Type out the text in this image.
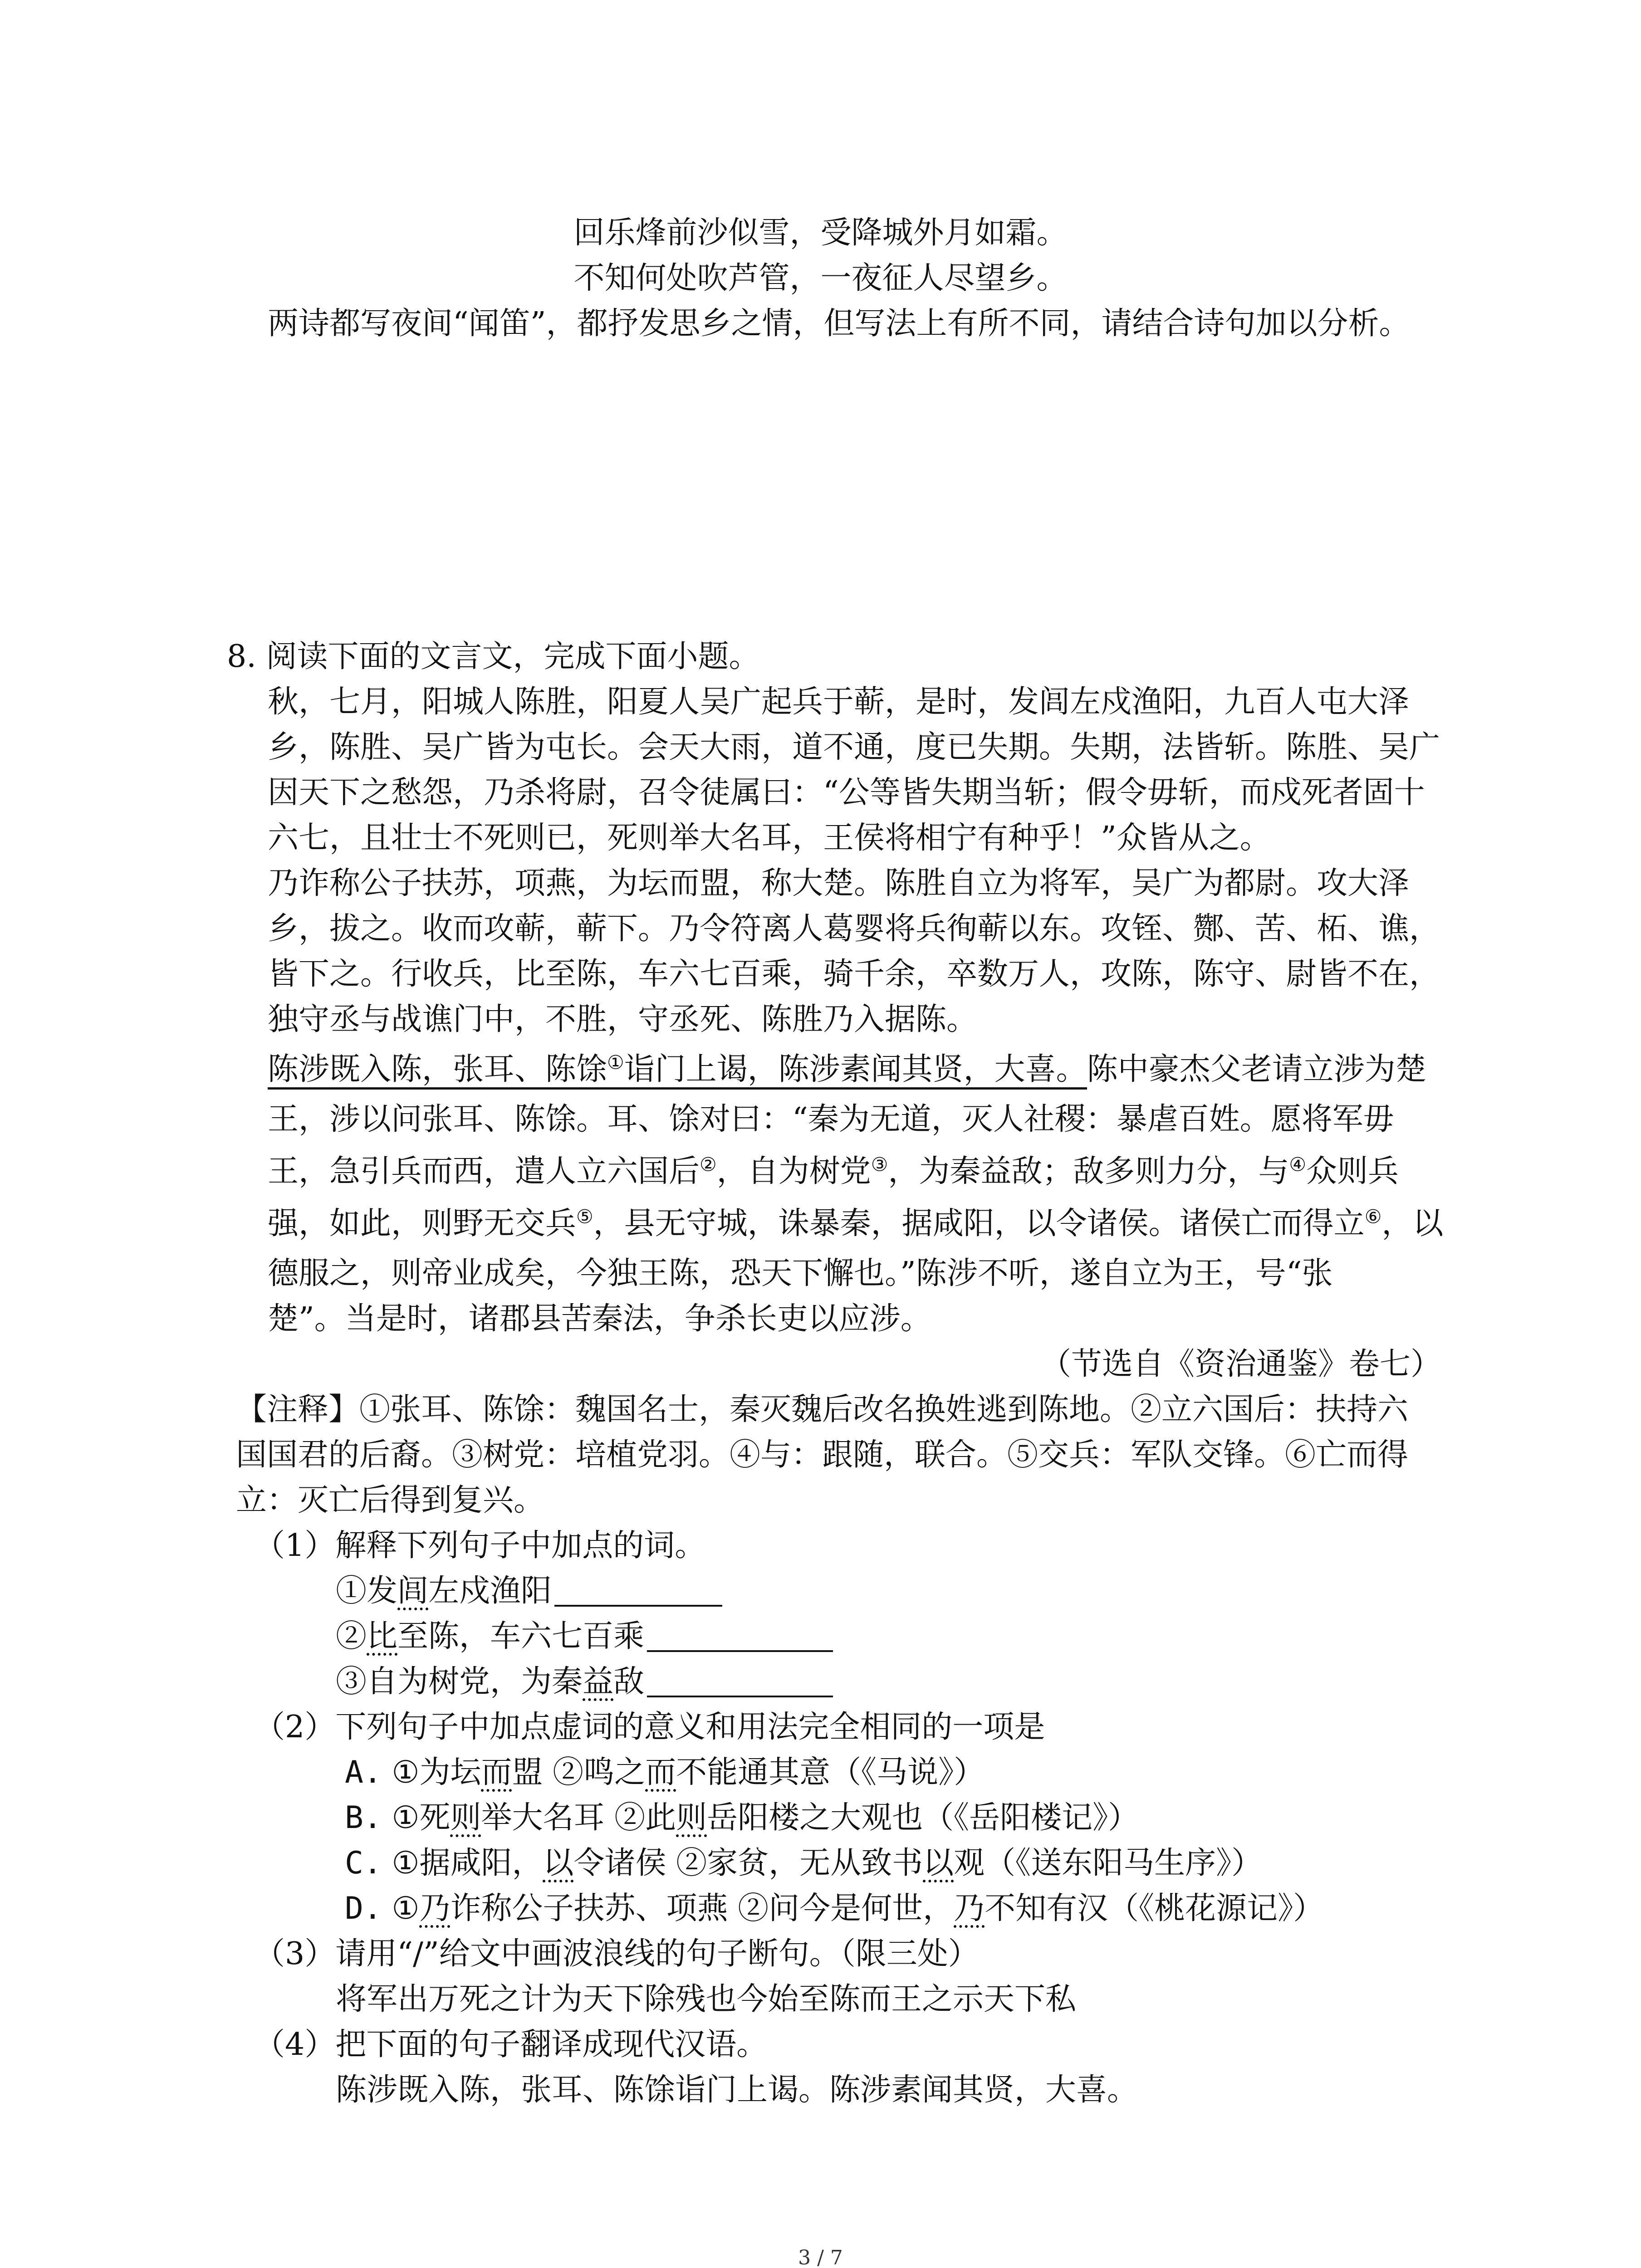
回乐烽前沙似雪，受降城外月如霜。

不知何处吹芦管，一夜征人尽望乡。

两诗都写夜间“闻笛”，都抒发思乡之情，但写法上有所不同，请结合诗句加以分析。

8. 阅读下面的文言文，完成下面小题。

秋，七月，阳城人陈胜，阳夏人吴广起兵于蕲，是时，发闾左戍渔阳，九百人屯大泽

乡，陈胜、吴广皆为屯长。会天大雨，道不通，度已失期。失期，法皆斩。陈胜、吴广

因天下之愁怨，乃杀将尉，召令徒属曰：“公等皆失期当斩；假令毋斩，而戍死者固十

六七，且壮士不死则已，死则举大名耳，王侯将相宁有种乎！”众皆从之。

乃诈称公子扶苏，项燕，为坛而盟，称大楚。陈胜自立为将军，吴广为都尉。攻大泽

乡，拔之。收而攻蕲，蕲下。乃令符离人葛婴将兵徇蕲以东。攻铚、酂、苦、柘、谯，

皆下之。行收兵，比至陈，车六七百乘，骑千余，卒数万人，攻陈，陈守、尉皆不在，

独守丞与战谯门中，不胜，守丞死、陈胜乃入据陈。

陈涉既入陈，张耳、陈馀①诣门上谒，陈涉素闻其贤，大喜。陈中豪杰父老请立涉为楚

王，涉以问张耳、陈馀。耳、馀对曰：“秦为无道，灭人社稷：暴虐百姓。愿将军毋

王，急引兵而西，遣人立六国后②，自为树党③，为秦益敌；敌多则力分，与④众则兵

强，如此，则野无交兵⑤，县无守城，诛暴秦，据咸阳，以令诸侯。诸侯亡而得立⑥，以

德服之，则帝业成矣，今独王陈，恐天下懈也。”陈涉不听，遂自立为王，号“张

楚”。当是时，诸郡县苦秦法，争杀长吏以应涉。

（节选自《资治通鉴》卷七）

【注释】①张耳、陈馀：魏国名士，秦灭魏后改名换姓逃到陈地。②立六国后：扶持六

国国君的后裔。③树党：培植党羽。④与：跟随，联合。⑤交兵：军队交锋。⑥亡而得

立：灭亡后得到复兴。

（1）解释下列句子中加点的词。

①发闾左戍渔阳

②比至陈，车六七百乘

③自为树党，为秦益敌

（2）下列句子中加点虚词的意义和用法完全相同的一项是

A. ①为坛而盟 ②鸣之而不能通其意（《马说》）

B. ①死则举大名耳 ②此则岳阳楼之大观也（《岳阳楼记》）

C. ①据咸阳，以令诸侯 ②家贫，无从致书以观（《送东阳马生序》）

D. ①乃诈称公子扶苏、项燕 ②问今是何世，乃不知有汉（《桃花源记》）

（3）请用“/”给文中画波浪线的句子断句。（限三处）

将军出万死之计为天下除残也今始至陈而王之示天下私

（4）把下面的句子翻译成现代汉语。

陈涉既入陈，张耳、陈馀诣门上谒。陈涉素闻其贤，大喜。

3 / 7
